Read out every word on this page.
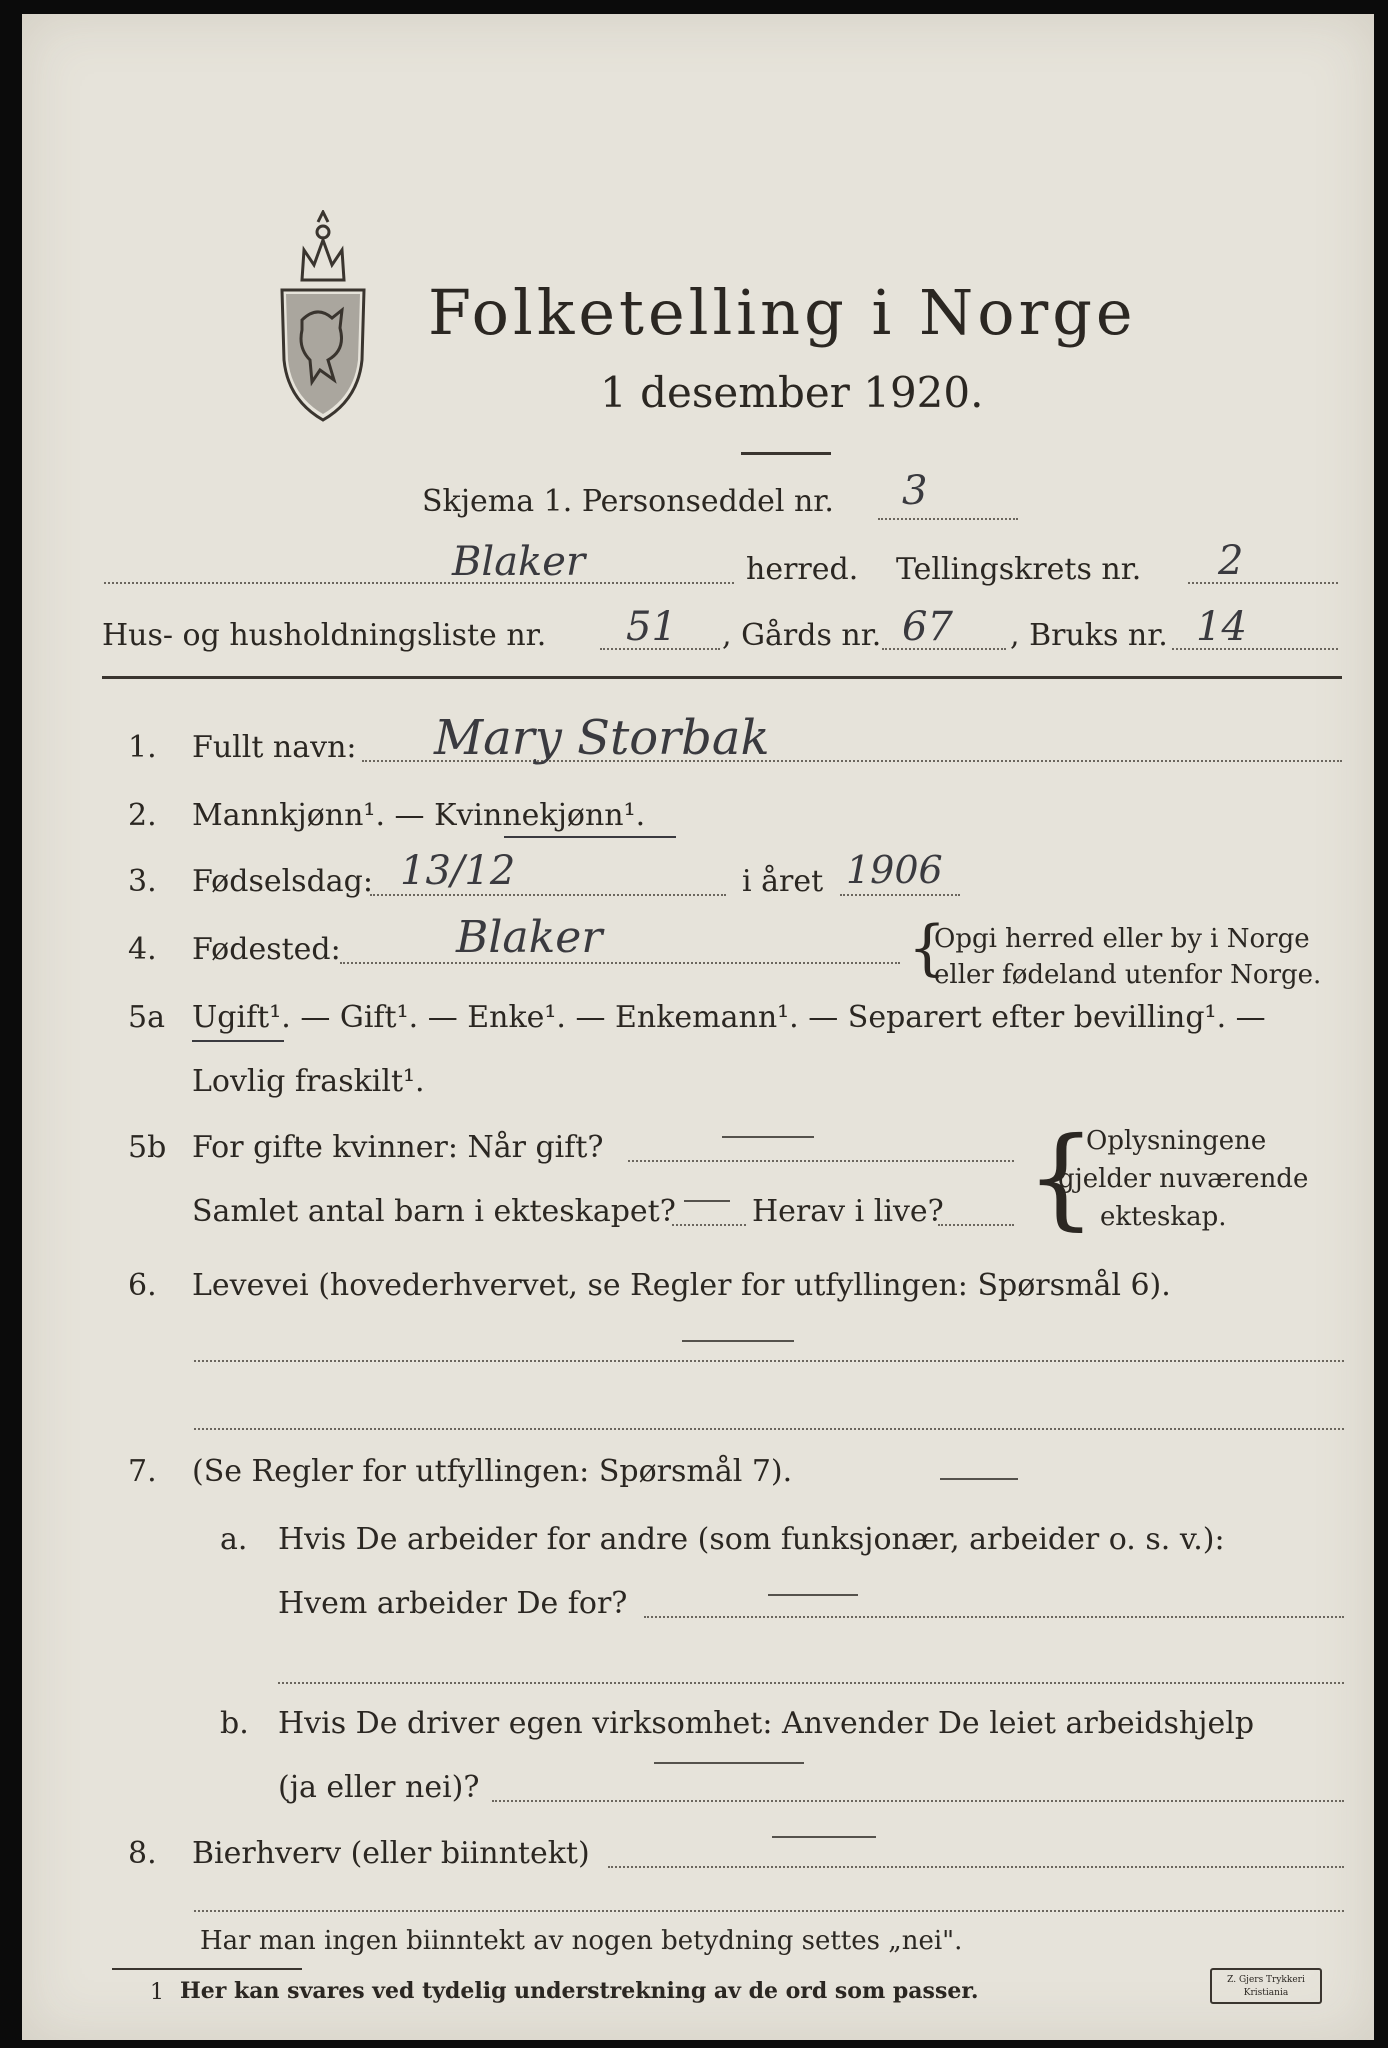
Folketelling i Norge
1 desember 1920.
Skjema 1. Personseddel nr. 3
Blaker	herred. Tellingskrets nr. 2
Hus- og husholdningsliste nr. 51 , Gårds nr. 67 , Bruks nr. 14
1. Fullt navn: Mary Storbak
2. Mannkjønn¹. — Kvinnekjønn¹.
3. Fødselsdag: 13/12	i året 1906
4. Fødested:	Blaker	{
Opgi herred eller by i Norge
eller fødeland utenfor Norge.
5a Ugift¹. — Gift¹. — Enke¹. — Enkemann¹. — Separert efter bevilling¹. —
Lovlig fraskilt¹.
5b For gifte kvinner: Når gift?
Samlet antal barn i ekteskapet?	Herav i live? {
Oplysningene
gjelder nuværende
ekteskap.
6. Levevei (hovederhvervet, se Regler for utfyllingen: Spørsmål 6).
7. (Se Regler for utfyllingen: Spørsmål 7).
a. Hvis De arbeider for andre (som funksjonær, arbeider o. s. v.):
Hvem arbeider De for?
b. Hvis De driver egen virksomhet: Anvender De leiet arbeidshjelp
(ja eller nei)?
8. Bierhverv (eller biinntekt)
Har man ingen biinntekt av nogen betydning settes „nei".
1 Her kan svares ved tydelig understrekning av de ord som passer.	Z. Gjers Trykkeri
Kristiania
